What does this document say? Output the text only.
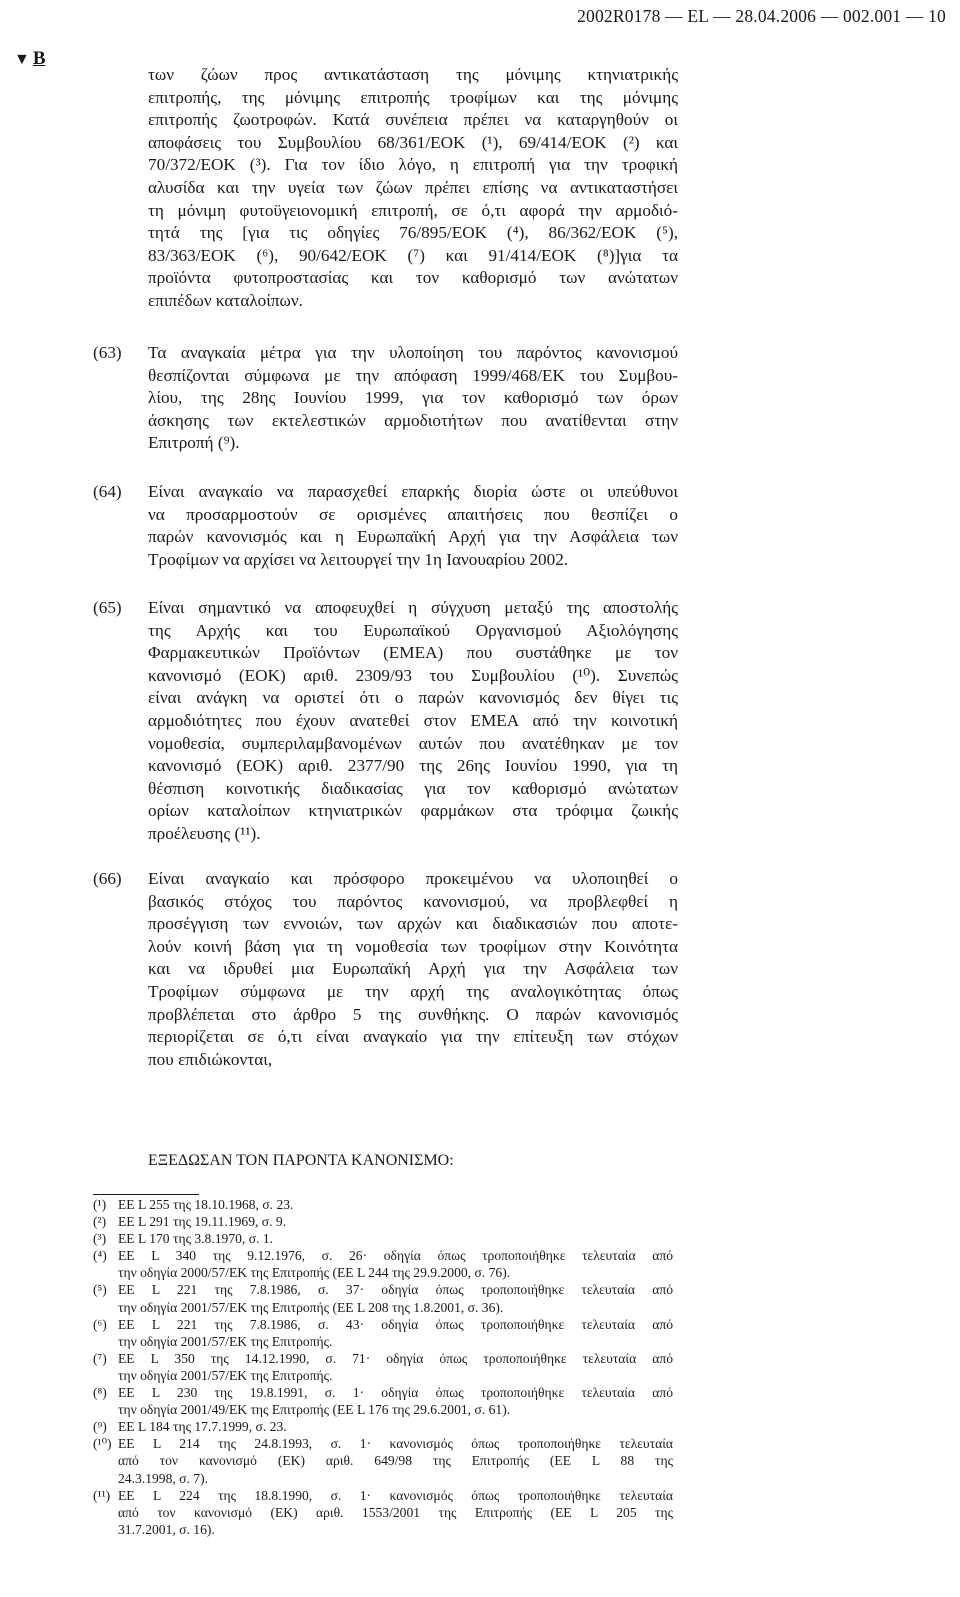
2002R0178 — EL — 28.04.2006 — 002.001 — 10
▼ B
των ζώων προς αντικατάσταση της μόνιμης κτηνιατρικής
επιτροπής, της μόνιμης επιτροπής τροφίμων και της μόνιμης
επιτροπής ζωοτροφών. Κατά συνέπεια πρέπει να καταργηθούν οι
αποφάσεις του Συμβουλίου 68/361/ΕΟΚ (¹), 69/414/ΕΟΚ (²) και
70/372/ΕΟΚ (³). Για τον ίδιο λόγο, η επιτροπή για την τροφική
αλυσίδα και την υγεία των ζώων πρέπει επίσης να αντικαταστήσει
τη μόνιμη φυτοϋγειονομική επιτροπή, σε ό,τι αφορά την αρμοδιό-
τητά της [για τις οδηγίες 76/895/ΕΟΚ (⁴), 86/362/ΕΟΚ (⁵),
83/363/ΕΟΚ (⁶), 90/642/ΕΟΚ (⁷) και 91/414/ΕΟΚ (⁸)]για τα
προϊόντα φυτοπροστασίας και τον καθορισμό των ανώτατων
επιπέδων καταλοίπων.
(63) Τα αναγκαία μέτρα για την υλοποίηση του παρόντος κανονισμού
θεσπίζονται σύμφωνα με την απόφαση 1999/468/ΕΚ του Συμβου-
λίου, της 28ης Ιουνίου 1999, για τον καθορισμό των όρων
άσκησης των εκτελεστικών αρμοδιοτήτων που ανατίθενται στην
Επιτροπή (⁹).
(64) Είναι αναγκαίο να παρασχεθεί επαρκής διορία ώστε οι υπεύθυνοι
να προσαρμοστούν σε ορισμένες απαιτήσεις που θεσπίζει ο
παρών κανονισμός και η Ευρωπαϊκή Αρχή για την Ασφάλεια των
Τροφίμων να αρχίσει να λειτουργεί την 1η Ιανουαρίου 2002.
(65) Είναι σημαντικό να αποφευχθεί η σύγχυση μεταξύ της αποστολής
της Αρχής και του Ευρωπαϊκού Οργανισμού Αξιολόγησης
Φαρμακευτικών Προϊόντων (ΕΜΕΑ) που συστάθηκε με τον
κανονισμό (ΕΟΚ) αριθ. 2309/93 του Συμβουλίου (¹⁰). Συνεπώς
είναι ανάγκη να οριστεί ότι ο παρών κανονισμός δεν θίγει τις
αρμοδιότητες που έχουν ανατεθεί στον ΕΜΕΑ από την κοινοτική
νομοθεσία, συμπεριλαμβανομένων αυτών που ανατέθηκαν με τον
κανονισμό (ΕΟΚ) αριθ. 2377/90 της 26ης Ιουνίου 1990, για τη
θέσπιση κοινοτικής διαδικασίας για τον καθορισμό ανώτατων
ορίων καταλοίπων κτηνιατρικών φαρμάκων στα τρόφιμα ζωικής
προέλευσης (¹¹).
(66) Είναι αναγκαίο και πρόσφορο προκειμένου να υλοποιηθεί ο
βασικός στόχος του παρόντος κανονισμού, να προβλεφθεί η
προσέγγιση των εννοιών, των αρχών και διαδικασιών που αποτε-
λούν κοινή βάση για τη νομοθεσία των τροφίμων στην Κοινότητα
και να ιδρυθεί μια Ευρωπαϊκή Αρχή για την Ασφάλεια των
Τροφίμων σύμφωνα με την αρχή της αναλογικότητας όπως
προβλέπεται στο άρθρο 5 της συνθήκης. Ο παρών κανονισμός
περιορίζεται σε ό,τι είναι αναγκαίο για την επίτευξη των στόχων
που επιδιώκονται,
ΕΞΕΔΩΣΑΝ ΤΟΝ ΠΑΡΟΝΤΑ ΚΑΝΟΝΙΣΜΟ:
(¹) ΕΕ L 255 της 18.10.1968, σ. 23.
(²) ΕΕ L 291 της 19.11.1969, σ. 9.
(³) ΕΕ L 170 της 3.8.1970, σ. 1.
(⁴) ΕΕ L 340 της 9.12.1976, σ. 26· οδηγία όπως τροποποιήθηκε τελευταία από
την οδηγία 2000/57/ΕΚ της Επιτροπής (ΕΕ L 244 της 29.9.2000, σ. 76).
(⁵) ΕΕ L 221 της 7.8.1986, σ. 37· οδηγία όπως τροποποιήθηκε τελευταία από
την οδηγία 2001/57/ΕΚ της Επιτροπής (ΕΕ L 208 της 1.8.2001, σ. 36).
(⁶) ΕΕ L 221 της 7.8.1986, σ. 43· οδηγία όπως τροποποιήθηκε τελευταία από
την οδηγία 2001/57/ΕΚ της Επιτροπής.
(⁷) ΕΕ L 350 της 14.12.1990, σ. 71· οδηγία όπως τροποποιήθηκε τελευταία από
την οδηγία 2001/57/ΕΚ της Επιτροπής.
(⁸) ΕΕ L 230 της 19.8.1991, σ. 1· οδηγία όπως τροποποιήθηκε τελευταία από
την οδηγία 2001/49/ΕΚ της Επιτροπής (ΕΕ L 176 της 29.6.2001, σ. 61).
(⁹) ΕΕ L 184 της 17.7.1999, σ. 23.
(¹⁰) ΕΕ L 214 της 24.8.1993, σ. 1· κανονισμός όπως τροποποιήθηκε τελευταία
από τον κανονισμό (ΕΚ) αριθ. 649/98 της Επιτροπής (ΕΕ L 88 της
24.3.1998, σ. 7).
(¹¹) ΕΕ L 224 της 18.8.1990, σ. 1· κανονισμός όπως τροποποιήθηκε τελευταία
από τον κανονισμό (ΕΚ) αριθ. 1553/2001 της Επιτροπής (ΕΕ L 205 της
31.7.2001, σ. 16).
